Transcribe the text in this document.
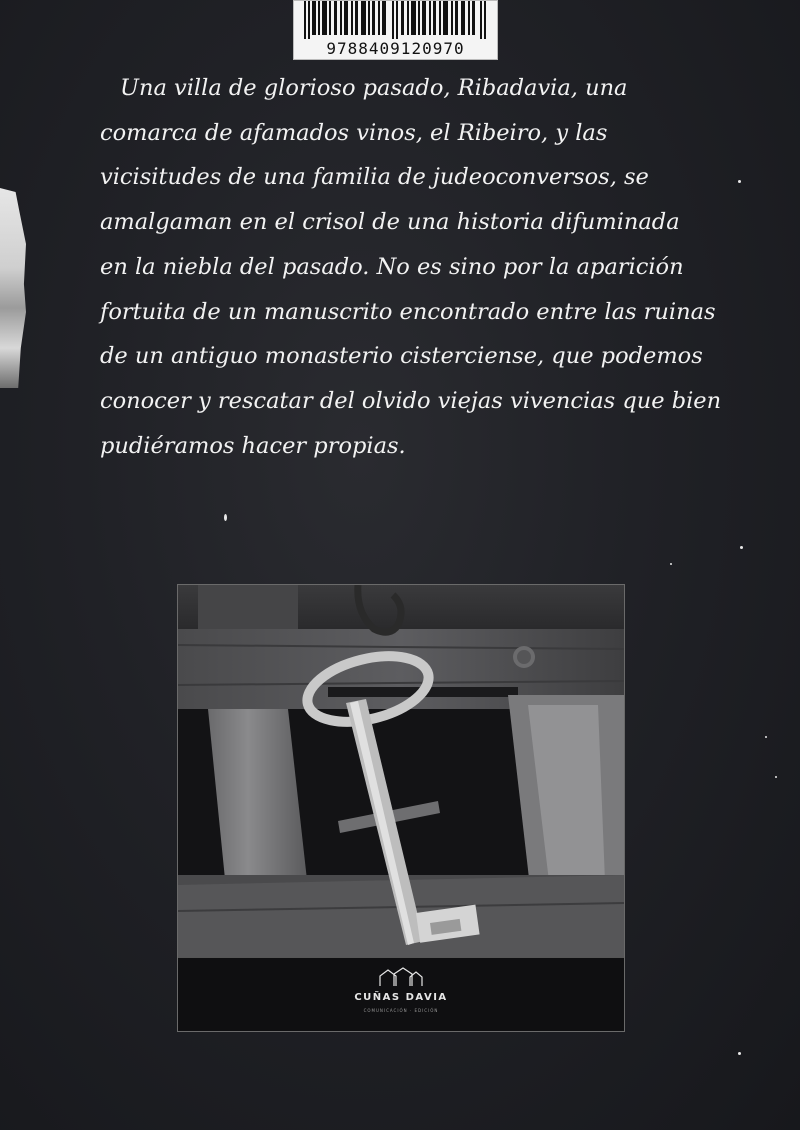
9788409120970

Una villa de glorioso pasado, Ribadavia, una
comarca de afamados vinos, el Ribeiro, y las
vicisitudes de una familia de judeoconversos, se
amalgaman en el crisol de una historia difuminada
en la niebla del pasado. No es sino por la aparición
fortuita de un manuscrito encontrado entre las ruinas
de un antiguo monasterio cisterciense, que podemos
conocer y rescatar del olvido viejas vivencias que bien
pudiéramos hacer propias.

CUÑAS DAVIA
COMUNICACIÓN · EDICIÓN
